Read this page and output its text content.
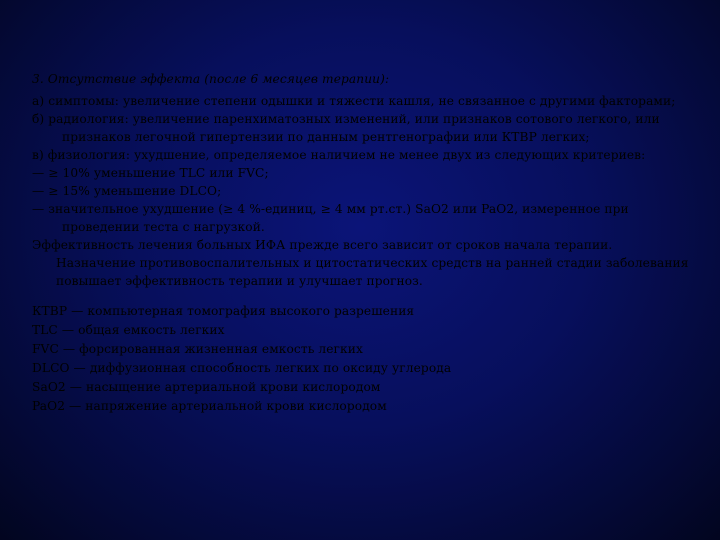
3. Отсутствие эффекта (после 6 месяцев терапии):

а) симптомы: увеличение степени одышки и тяжести кашля, не связанное с другими факторами;

б) радиология: увеличение паренхиматозных изменений, или признаков сотового легкого, или признаков легочной гипертензии по данным рентгенографии или КТВР легких;

в) физиология: ухудшение, определяемое наличием не менее двух из следующих критериев:

— ≥ 10% уменьшение TLC или FVC;

— ≥ 15% уменьшение DLCO;

— значительное ухудшение (≥ 4 %-единиц, ≥ 4 мм рт.ст.) SaO2 или PaO2, измеренное при проведении теста с нагрузкой.

Эффективность лечения больных ИФА прежде всего зависит от сроков начала терапии. Назначение противовоспалительных и цитостатических средств на ранней стадии заболевания повышает эффективность терапии и улучшает прогноз.

КТВР — компьютерная томография высокого разрешения

TLC — общая емкость легких

FVC — форсированная жизненная емкость легких

DLCO — диффузионная способность легких по оксиду углерода

SaO2 — насыщение артериальной крови кислородом

PaO2 — напряжение артериальной крови кислородом
